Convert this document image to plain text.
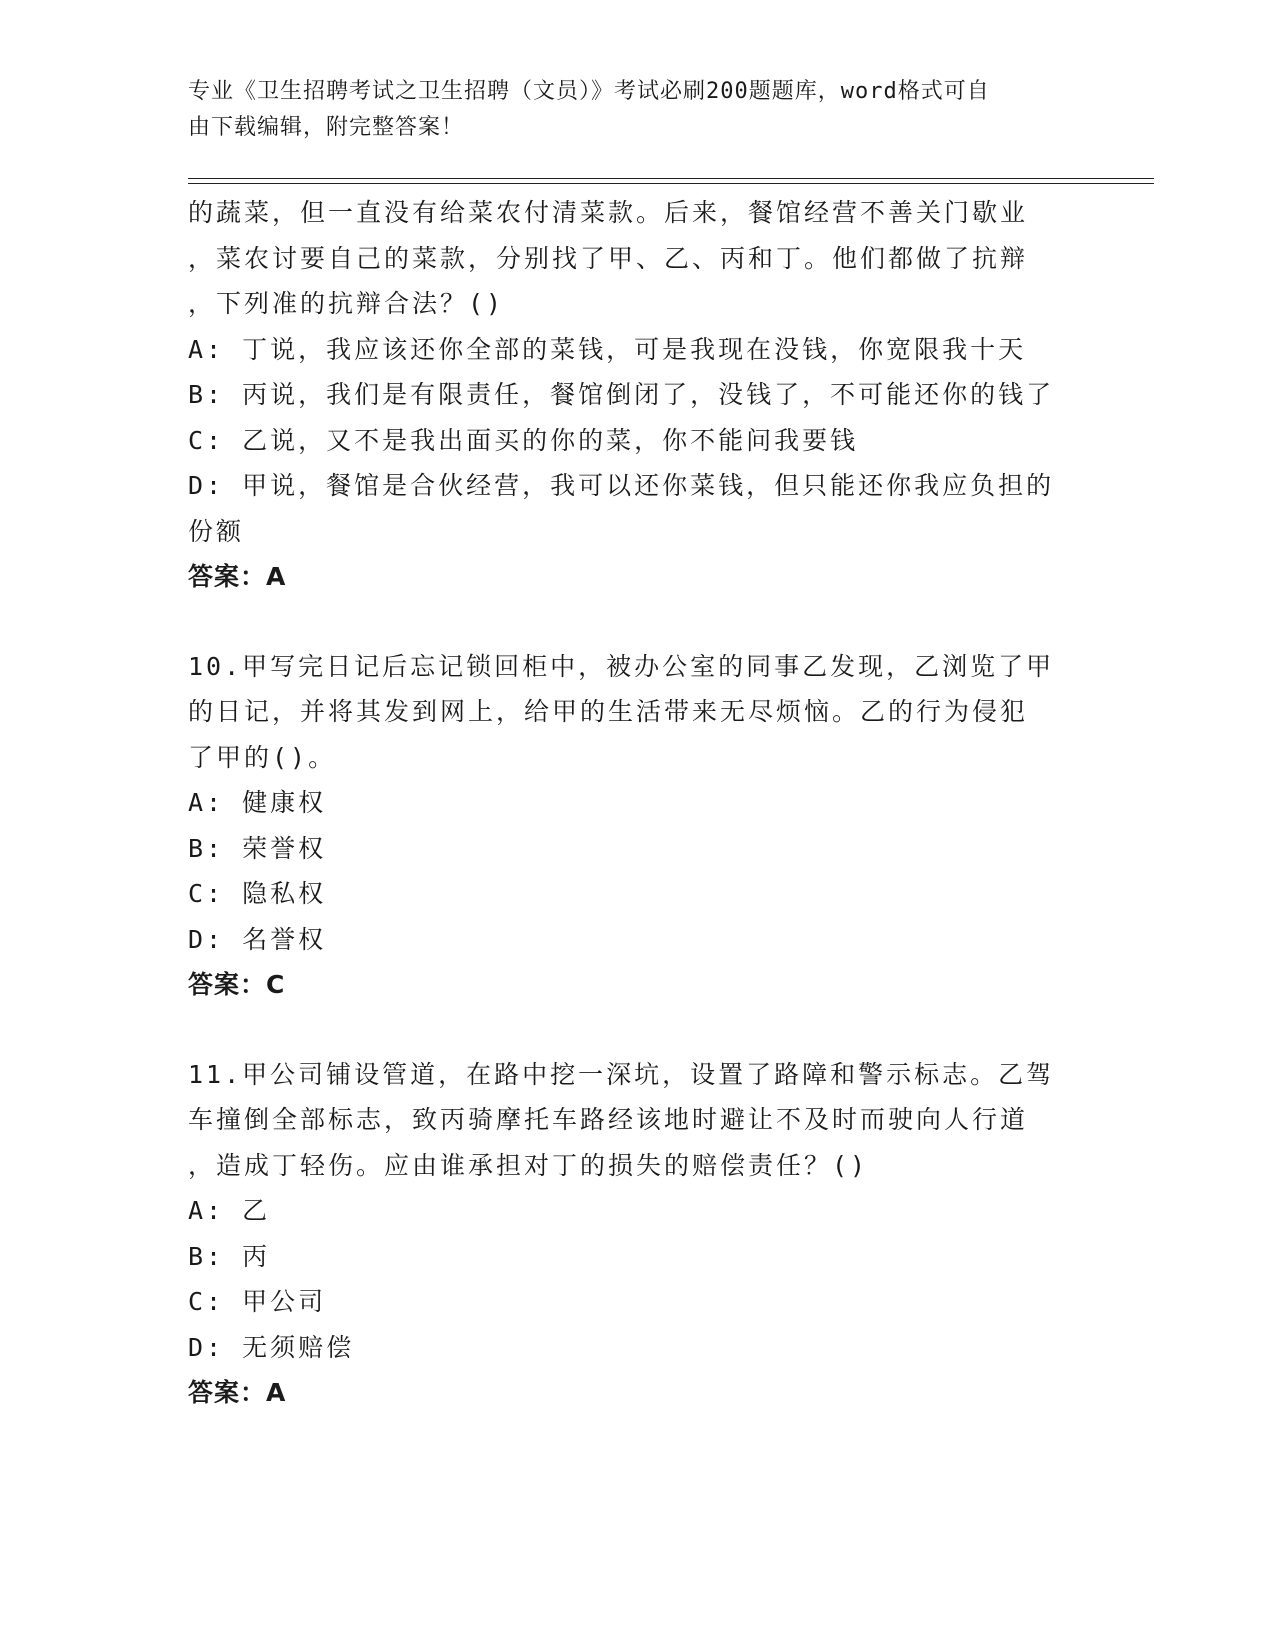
专业《卫生招聘考试之卫生招聘（文员）》考试必刷200题题库，word格式可自
由下载编辑，附完整答案！
的蔬菜，但一直没有给菜农付清菜款。后来，餐馆经营不善关门歇业
，菜农讨要自己的菜款，分别找了甲、乙、丙和丁。他们都做了抗辩
，下列准的抗辩合法？()
A: 丁说，我应该还你全部的菜钱，可是我现在没钱，你宽限我十天
B: 丙说，我们是有限责任，餐馆倒闭了，没钱了，不可能还你的钱了
C: 乙说，又不是我出面买的你的菜，你不能问我要钱
D: 甲说，餐馆是合伙经营，我可以还你菜钱，但只能还你我应负担的
份额
答案：A
10.甲写完日记后忘记锁回柜中，被办公室的同事乙发现，乙浏览了甲
的日记，并将其发到网上，给甲的生活带来无尽烦恼。乙的行为侵犯
了甲的()。
A: 健康权
B: 荣誉权
C: 隐私权
D: 名誉权
答案：C
11.甲公司铺设管道，在路中挖一深坑，设置了路障和警示标志。乙驾
车撞倒全部标志，致丙骑摩托车路经该地时避让不及时而驶向人行道
，造成丁轻伤。应由谁承担对丁的损失的赔偿责任？()
A: 乙
B: 丙
C: 甲公司
D: 无须赔偿
答案：A
